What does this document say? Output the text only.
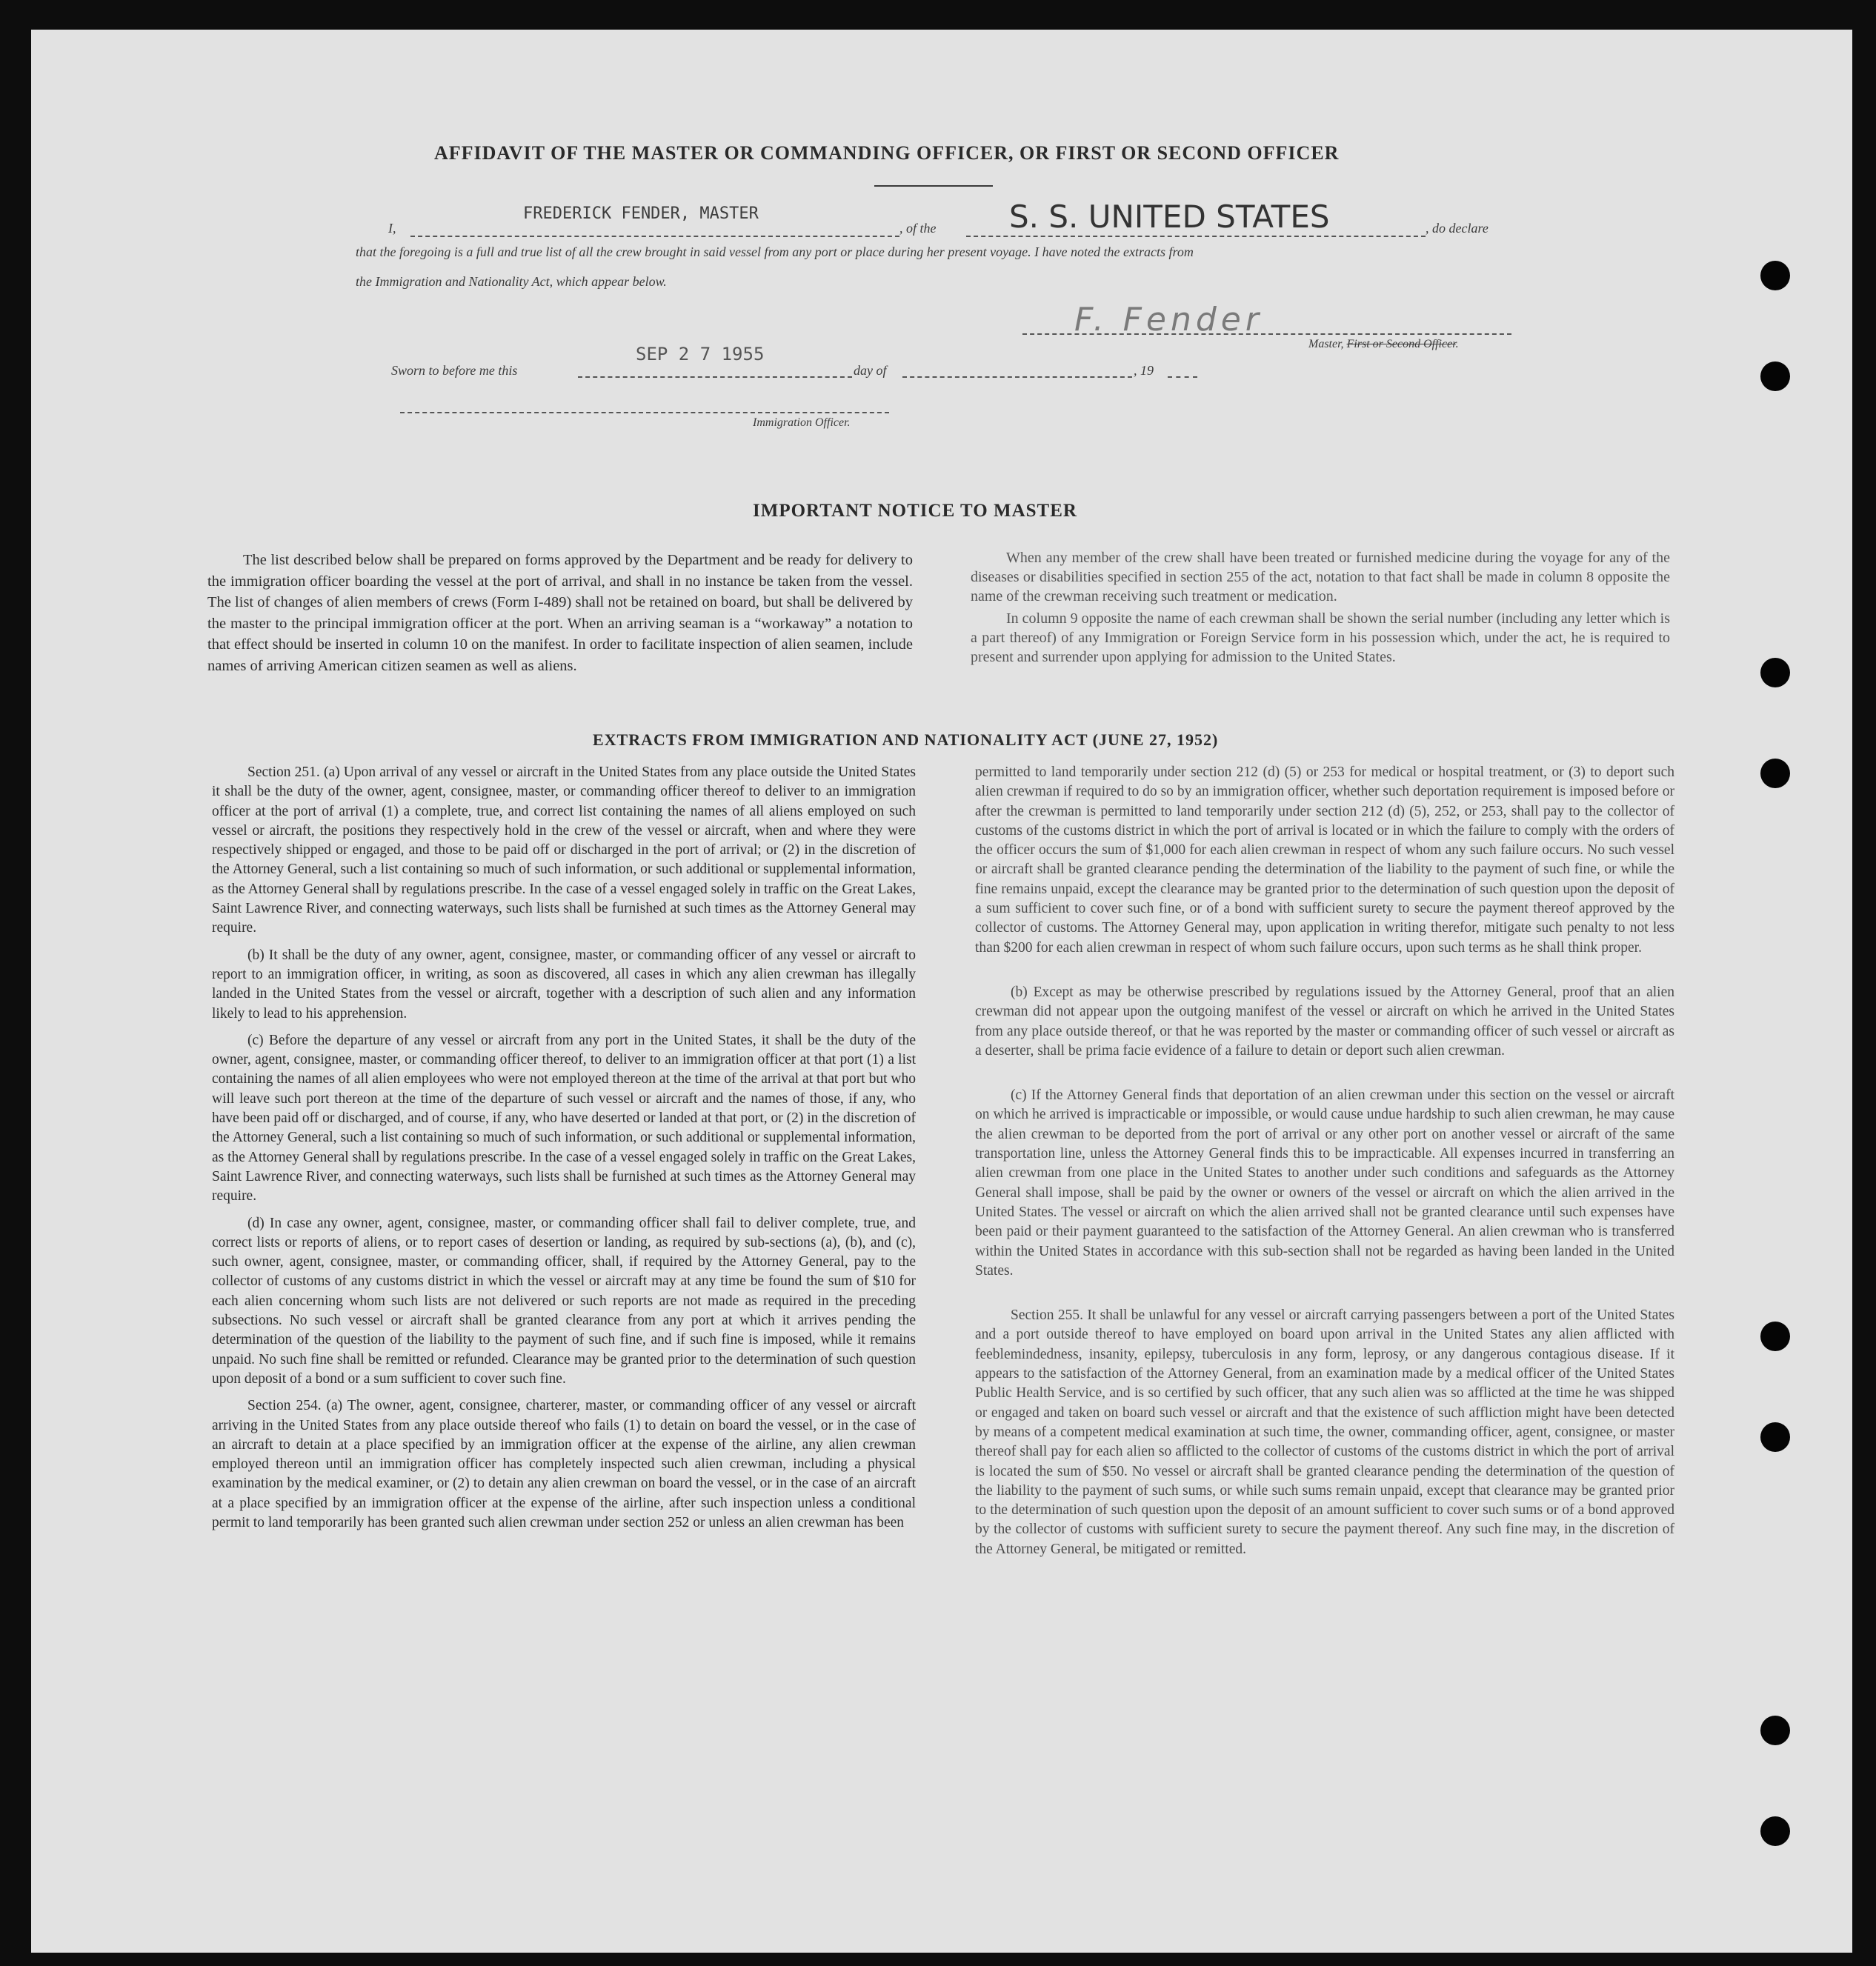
AFFIDAVIT OF THE MASTER OR COMMANDING OFFICER, OR FIRST OR SECOND OFFICER
I,
FREDERICK FENDER, MASTER
, of the S. S. UNITED STATES	, do declare
that the foregoing is a full and true list of all the crew brought in said vessel from any port or place during her present voyage. I have noted the extracts from
the Immigration and Nationality Act, which appear below.
F. Fender
Master, First or Second Officer.
Sworn to before me this
SEP 2 7 1955
day of	, 19
Immigration Officer.
IMPORTANT NOTICE TO MASTER

The list described below shall be prepared on forms approved by the Department and be ready for delivery to the immigration officer boarding the vessel at the port of arrival, and shall in no instance be taken from the vessel. The list of changes of alien members of crews (Form I-489) shall not be retained on board, but shall be delivered by the master to the principal immigration officer at the port. When an arriving seaman is a “workaway” a notation to that effect should be inserted in column 10 on the manifest. In order to facilitate inspection of alien seamen, include names of arriving American citizen seamen as well as aliens.

When any member of the crew shall have been treated or furnished medicine during the voyage for any of the diseases or disabilities specified in section 255 of the act, notation to that fact shall be made in column 8 opposite the name of the crewman receiving such treatment or medication.

In column 9 opposite the name of each crewman shall be shown the serial number (including any letter which is a part thereof) of any Immigration or Foreign Service form in his possession which, under the act, he is required to present and surrender upon applying for admission to the United States.

EXTRACTS FROM IMMIGRATION AND NATIONALITY ACT (JUNE 27, 1952)

Section 251. (a) Upon arrival of any vessel or aircraft in the United States from any place outside the United States it shall be the duty of the owner, agent, consignee, master, or commanding officer thereof to deliver to an immigration officer at the port of arrival (1) a complete, true, and correct list containing the names of all aliens employed on such vessel or aircraft, the positions they respectively hold in the crew of the vessel or aircraft, when and where they were respectively shipped or engaged, and those to be paid off or discharged in the port of arrival; or (2) in the discretion of the Attorney General, such a list containing so much of such information, or such additional or supplemental information, as the Attorney General shall by regulations prescribe. In the case of a vessel engaged solely in traffic on the Great Lakes, Saint Lawrence River, and connecting waterways, such lists shall be furnished at such times as the Attorney General may require.

(b) It shall be the duty of any owner, agent, consignee, master, or commanding officer of any vessel or aircraft to report to an immigration officer, in writing, as soon as discovered, all cases in which any alien crewman has illegally landed in the United States from the vessel or aircraft, together with a description of such alien and any information likely to lead to his apprehension.

(c) Before the departure of any vessel or aircraft from any port in the United States, it shall be the duty of the owner, agent, consignee, master, or commanding officer thereof, to deliver to an immigration officer at that port (1) a list containing the names of all alien employees who were not employed thereon at the time of the arrival at that port but who will leave such port thereon at the time of the departure of such vessel or aircraft and the names of those, if any, who have been paid off or discharged, and of course, if any, who have deserted or landed at that port, or (2) in the discretion of the Attorney General, such a list containing so much of such information, or such additional or supplemental information, as the Attorney General shall by regulations prescribe. In the case of a vessel engaged solely in traffic on the Great Lakes, Saint Lawrence River, and connecting waterways, such lists shall be furnished at such times as the Attorney General may require.

(d) In case any owner, agent, consignee, master, or commanding officer shall fail to deliver complete, true, and correct lists or reports of aliens, or to report cases of desertion or landing, as required by sub-sections (a), (b), and (c), such owner, agent, consignee, master, or commanding officer, shall, if required by the Attorney General, pay to the collector of customs of any customs district in which the vessel or aircraft may at any time be found the sum of $10 for each alien concerning whom such lists are not delivered or such reports are not made as required in the preceding subsections. No such vessel or aircraft shall be granted clearance from any port at which it arrives pending the determination of the question of the liability to the payment of such fine, and if such fine is imposed, while it remains unpaid. No such fine shall be remitted or refunded. Clearance may be granted prior to the determination of such question upon deposit of a bond or a sum sufficient to cover such fine.

Section 254. (a) The owner, agent, consignee, charterer, master, or commanding officer of any vessel or aircraft arriving in the United States from any place outside thereof who fails (1) to detain on board the vessel, or in the case of an aircraft to detain at a place specified by an immigration officer at the expense of the airline, any alien crewman employed thereon until an immigration officer has completely inspected such alien crewman, including a physical examination by the medical examiner, or (2) to detain any alien crewman on board the vessel, or in the case of an aircraft at a place specified by an immigration officer at the expense of the airline, after such inspection unless a conditional permit to land temporarily has been granted such alien crewman under section 252 or unless an alien crewman has been

permitted to land temporarily under section 212 (d) (5) or 253 for medical or hospital treatment, or (3) to deport such alien crewman if required to do so by an immigration officer, whether such deportation requirement is imposed before or after the crewman is permitted to land temporarily under section 212 (d) (5), 252, or 253, shall pay to the collector of customs of the customs district in which the port of arrival is located or in which the failure to comply with the orders of the officer occurs the sum of $1,000 for each alien crewman in respect of whom any such failure occurs. No such vessel or aircraft shall be granted clearance pending the determination of the liability to the payment of such fine, or while the fine remains unpaid, except the clearance may be granted prior to the determination of such question upon the deposit of a sum sufficient to cover such fine, or of a bond with sufficient surety to secure the payment thereof approved by the collector of customs. The Attorney General may, upon application in writing therefor, mitigate such penalty to not less than $200 for each alien crewman in respect of whom such failure occurs, upon such terms as he shall think proper.

(b) Except as may be otherwise prescribed by regulations issued by the Attorney General, proof that an alien crewman did not appear upon the outgoing manifest of the vessel or aircraft on which he arrived in the United States from any place outside thereof, or that he was reported by the master or commanding officer of such vessel or aircraft as a deserter, shall be prima facie evidence of a failure to detain or deport such alien crewman.

(c) If the Attorney General finds that deportation of an alien crewman under this section on the vessel or aircraft on which he arrived is impracticable or impossible, or would cause undue hardship to such alien crewman, he may cause the alien crewman to be deported from the port of arrival or any other port on another vessel or aircraft of the same transportation line, unless the Attorney General finds this to be impracticable. All expenses incurred in transferring an alien crewman from one place in the United States to another under such conditions and safeguards as the Attorney General shall impose, shall be paid by the owner or owners of the vessel or aircraft on which the alien arrived in the United States. The vessel or aircraft on which the alien arrived shall not be granted clearance until such expenses have been paid or their payment guaranteed to the satisfaction of the Attorney General. An alien crewman who is transferred within the United States in accordance with this sub-section shall not be regarded as having been landed in the United States.

Section 255. It shall be unlawful for any vessel or aircraft carrying passengers between a port of the United States and a port outside thereof to have employed on board upon arrival in the United States any alien afflicted with feeblemindedness, insanity, epilepsy, tuberculosis in any form, leprosy, or any dangerous contagious disease. If it appears to the satisfaction of the Attorney General, from an examination made by a medical officer of the United States Public Health Service, and is so certified by such officer, that any such alien was so afflicted at the time he was shipped or engaged and taken on board such vessel or aircraft and that the existence of such affliction might have been detected by means of a competent medical examination at such time, the owner, commanding officer, agent, consignee, or master thereof shall pay for each alien so afflicted to the collector of customs of the customs district in which the port of arrival is located the sum of $50. No vessel or aircraft shall be granted clearance pending the determination of the question of the liability to the payment of such sums, or while such sums remain unpaid, except that clearance may be granted prior to the determination of such question upon the deposit of an amount sufficient to cover such sums or of a bond approved by the collector of customs with sufficient surety to secure the payment thereof. Any such fine may, in the discretion of the Attorney General, be mitigated or remitted.
